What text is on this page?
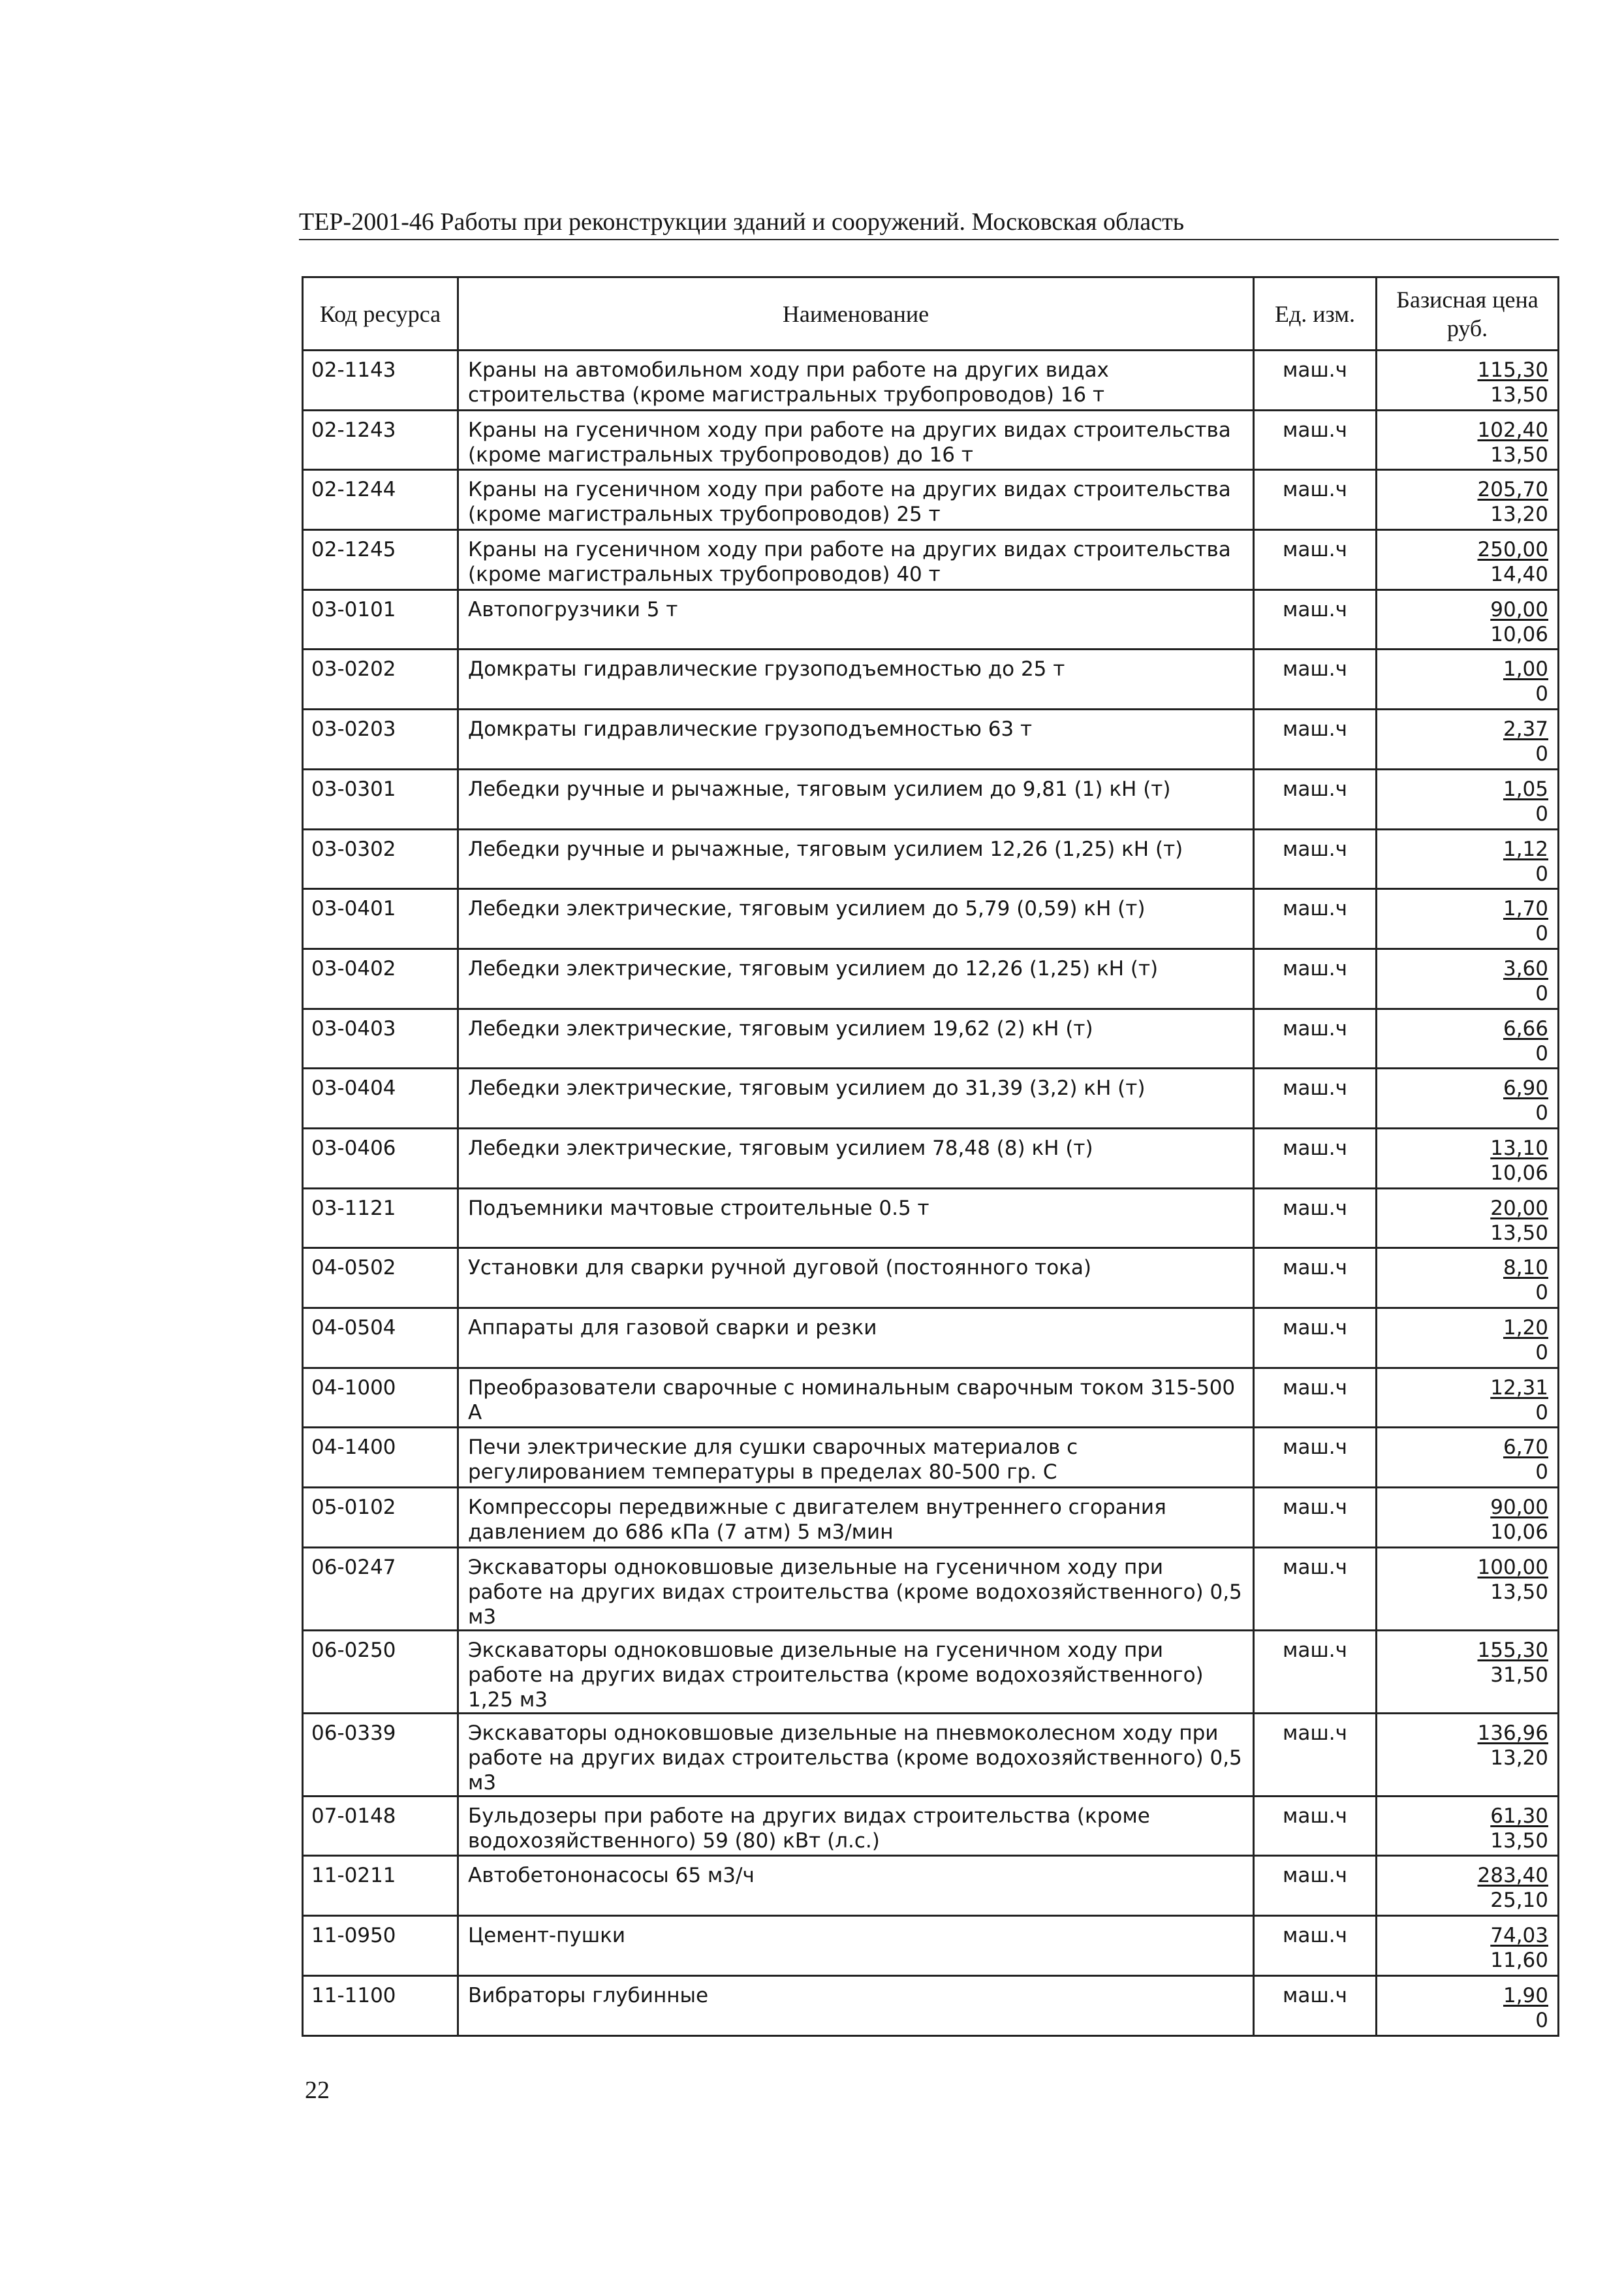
ТЕР-2001-46 Работы при реконструкции зданий и сооружений. Московская область
Код ресурса	Наименование	Ед. изм.	Базисная цена руб.
02-1143	Краны на автомобильном ходу при работе на других видах строительства (кроме магистральных трубопроводов) 16 т	маш.ч	115,30
13,50

02-1243	Краны на гусеничном ходу при работе на других видах строительства (кроме магистральных трубопроводов) до 16 т	маш.ч	102,40
13,50

02-1244	Краны на гусеничном ходу при работе на других видах строительства (кроме магистральных трубопроводов) 25 т	маш.ч	205,70
13,20

02-1245	Краны на гусеничном ходу при работе на других видах строительства (кроме магистральных трубопроводов) 40 т	маш.ч	250,00
14,40

03-0101	Автопогрузчики 5 т	маш.ч	90,00
10,06

03-0202	Домкраты гидравлические грузоподъемностью до 25 т	маш.ч	1,00
0

03-0203	Домкраты гидравлические грузоподъемностью 63 т	маш.ч	2,37
0

03-0301	Лебедки ручные и рычажные, тяговым усилием до 9,81 (1) кН (т)	маш.ч	1,05
0

03-0302	Лебедки ручные и рычажные, тяговым усилием 12,26 (1,25) кН (т)	маш.ч	1,12
0

03-0401	Лебедки электрические, тяговым усилием до 5,79 (0,59) кН (т)	маш.ч	1,70
0

03-0402	Лебедки электрические, тяговым усилием до 12,26 (1,25) кН (т)	маш.ч	3,60
0

03-0403	Лебедки электрические, тяговым усилием 19,62 (2) кН (т)	маш.ч	6,66
0

03-0404	Лебедки электрические, тяговым усилием до 31,39 (3,2) кН (т)	маш.ч	6,90
0

03-0406	Лебедки электрические, тяговым усилием 78,48 (8) кН (т)	маш.ч	13,10
10,06

03-1121	Подъемники мачтовые строительные 0.5 т	маш.ч	20,00
13,50

04-0502	Установки для сварки ручной дуговой (постоянного тока)	маш.ч	8,10
0

04-0504	Аппараты для газовой сварки и резки	маш.ч	1,20
0

04-1000	Преобразователи сварочные с номинальным сварочным током 315-500 А	маш.ч	12,31
0

04-1400	Печи электрические для сушки сварочных материалов с регулированием температуры в пределах 80-500 гр. С	маш.ч	6,70
0

05-0102	Компрессоры передвижные с двигателем внутреннего сгорания давлением до 686 кПа (7 атм) 5 м3/мин	маш.ч	90,00
10,06

06-0247	Экскаваторы одноковшовые дизельные на гусеничном ходу при работе на других видах строительства (кроме водохозяйственного) 0,5 м3	маш.ч	100,00
13,50

06-0250	Экскаваторы одноковшовые дизельные на гусеничном ходу при работе на других видах строительства (кроме водохозяйственного) 1,25 м3	маш.ч	155,30
31,50

06-0339	Экскаваторы одноковшовые дизельные на пневмоколесном ходу при работе на других видах строительства (кроме водохозяйственного) 0,5 м3	маш.ч	136,96
13,20

07-0148	Бульдозеры при работе на других видах строительства (кроме водохозяйственного) 59 (80) кВт (л.с.)	маш.ч	61,30
13,50

11-0211	Автобетононасосы 65 м3/ч	маш.ч	283,40
25,10

11-0950	Цемент-пушки	маш.ч	74,03
11,60

11-1100	Вибраторы глубинные	маш.ч	1,90
0
22
